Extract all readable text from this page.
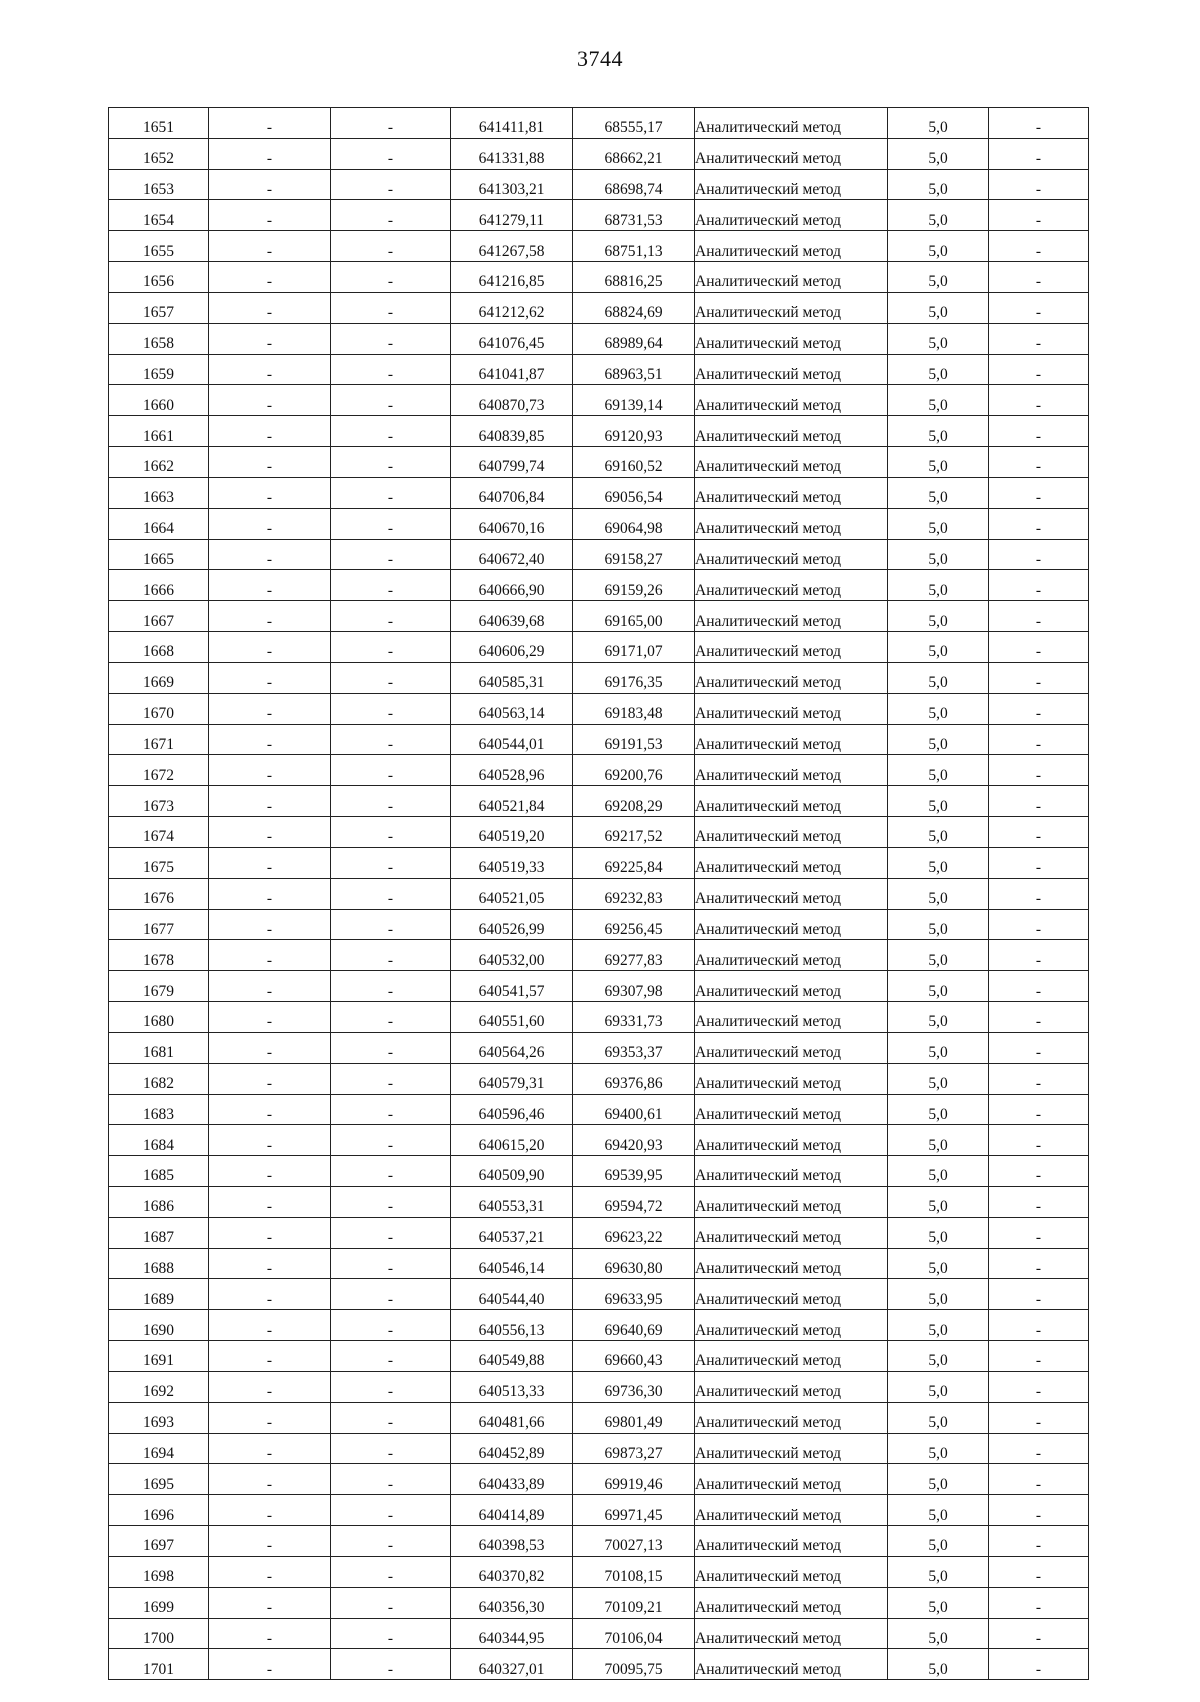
3744
1651	-	-	641411,81	68555,17	Аналитический метод	5,0	-
1652	-	-	641331,88	68662,21	Аналитический метод	5,0	-
1653	-	-	641303,21	68698,74	Аналитический метод	5,0	-
1654	-	-	641279,11	68731,53	Аналитический метод	5,0	-
1655	-	-	641267,58	68751,13	Аналитический метод	5,0	-
1656	-	-	641216,85	68816,25	Аналитический метод	5,0	-
1657	-	-	641212,62	68824,69	Аналитический метод	5,0	-
1658	-	-	641076,45	68989,64	Аналитический метод	5,0	-
1659	-	-	641041,87	68963,51	Аналитический метод	5,0	-
1660	-	-	640870,73	69139,14	Аналитический метод	5,0	-
1661	-	-	640839,85	69120,93	Аналитический метод	5,0	-
1662	-	-	640799,74	69160,52	Аналитический метод	5,0	-
1663	-	-	640706,84	69056,54	Аналитический метод	5,0	-
1664	-	-	640670,16	69064,98	Аналитический метод	5,0	-
1665	-	-	640672,40	69158,27	Аналитический метод	5,0	-
1666	-	-	640666,90	69159,26	Аналитический метод	5,0	-
1667	-	-	640639,68	69165,00	Аналитический метод	5,0	-
1668	-	-	640606,29	69171,07	Аналитический метод	5,0	-
1669	-	-	640585,31	69176,35	Аналитический метод	5,0	-
1670	-	-	640563,14	69183,48	Аналитический метод	5,0	-
1671	-	-	640544,01	69191,53	Аналитический метод	5,0	-
1672	-	-	640528,96	69200,76	Аналитический метод	5,0	-
1673	-	-	640521,84	69208,29	Аналитический метод	5,0	-
1674	-	-	640519,20	69217,52	Аналитический метод	5,0	-
1675	-	-	640519,33	69225,84	Аналитический метод	5,0	-
1676	-	-	640521,05	69232,83	Аналитический метод	5,0	-
1677	-	-	640526,99	69256,45	Аналитический метод	5,0	-
1678	-	-	640532,00	69277,83	Аналитический метод	5,0	-
1679	-	-	640541,57	69307,98	Аналитический метод	5,0	-
1680	-	-	640551,60	69331,73	Аналитический метод	5,0	-
1681	-	-	640564,26	69353,37	Аналитический метод	5,0	-
1682	-	-	640579,31	69376,86	Аналитический метод	5,0	-
1683	-	-	640596,46	69400,61	Аналитический метод	5,0	-
1684	-	-	640615,20	69420,93	Аналитический метод	5,0	-
1685	-	-	640509,90	69539,95	Аналитический метод	5,0	-
1686	-	-	640553,31	69594,72	Аналитический метод	5,0	-
1687	-	-	640537,21	69623,22	Аналитический метод	5,0	-
1688	-	-	640546,14	69630,80	Аналитический метод	5,0	-
1689	-	-	640544,40	69633,95	Аналитический метод	5,0	-
1690	-	-	640556,13	69640,69	Аналитический метод	5,0	-
1691	-	-	640549,88	69660,43	Аналитический метод	5,0	-
1692	-	-	640513,33	69736,30	Аналитический метод	5,0	-
1693	-	-	640481,66	69801,49	Аналитический метод	5,0	-
1694	-	-	640452,89	69873,27	Аналитический метод	5,0	-
1695	-	-	640433,89	69919,46	Аналитический метод	5,0	-
1696	-	-	640414,89	69971,45	Аналитический метод	5,0	-
1697	-	-	640398,53	70027,13	Аналитический метод	5,0	-
1698	-	-	640370,82	70108,15	Аналитический метод	5,0	-
1699	-	-	640356,30	70109,21	Аналитический метод	5,0	-
1700	-	-	640344,95	70106,04	Аналитический метод	5,0	-
1701	-	-	640327,01	70095,75	Аналитический метод	5,0	-
